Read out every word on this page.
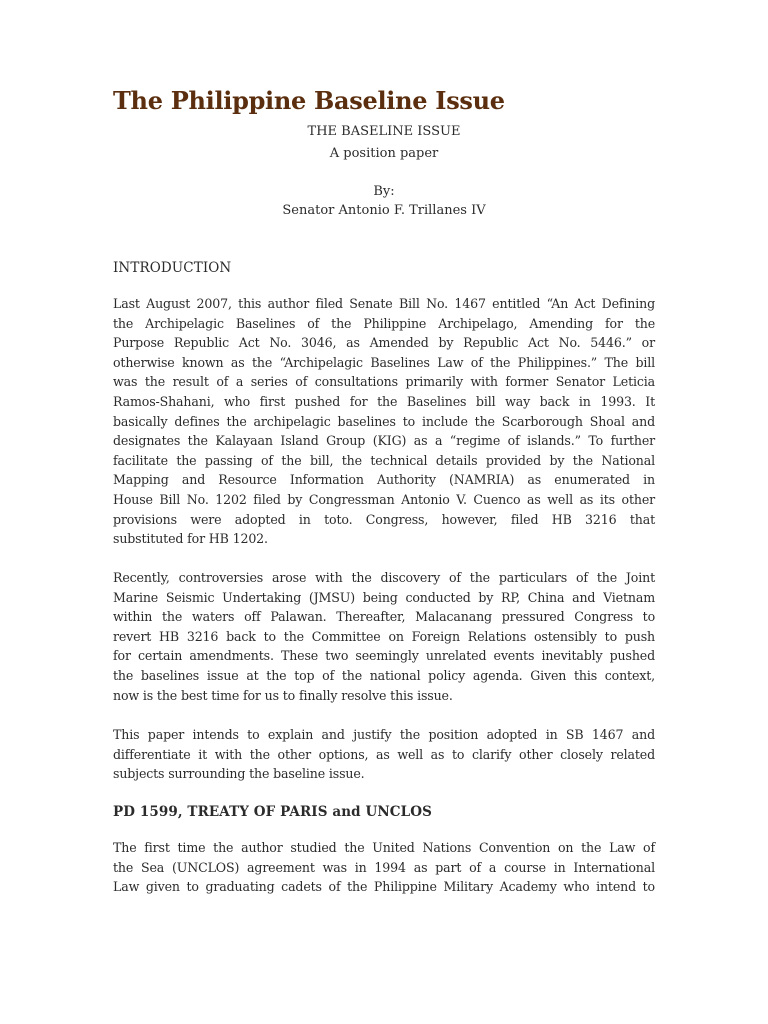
The Philippine Baseline Issue
THE BASELINE ISSUE
A position paper
By:
Senator Antonio F. Trillanes IV
INTRODUCTION
Last August 2007, this author filed Senate Bill No. 1467 entitled “An Act Defining
the Archipelagic Baselines of the Philippine Archipelago, Amending for the
Purpose Republic Act No. 3046, as Amended by Republic Act No. 5446.” or
otherwise known as the “Archipelagic Baselines Law of the Philippines.” The bill
was the result of a series of consultations primarily with former Senator Leticia
Ramos-Shahani, who first pushed for the Baselines bill way back in 1993. It
basically defines the archipelagic baselines to include the Scarborough Shoal and
designates the Kalayaan Island Group (KIG) as a “regime of islands.” To further
facilitate the passing of the bill, the technical details provided by the National
Mapping and Resource Information Authority (NAMRIA) as enumerated in
House Bill No. 1202 filed by Congressman Antonio V. Cuenco as well as its other
provisions were adopted in toto. Congress, however, filed HB 3216 that
substituted for HB 1202.
Recently, controversies arose with the discovery of the particulars of the Joint
Marine Seismic Undertaking (JMSU) being conducted by RP, China and Vietnam
within the waters off Palawan. Thereafter, Malacanang pressured Congress to
revert HB 3216 back to the Committee on Foreign Relations ostensibly to push
for certain amendments. These two seemingly unrelated events inevitably pushed
the baselines issue at the top of the national policy agenda. Given this context,
now is the best time for us to finally resolve this issue.
This paper intends to explain and justify the position adopted in SB 1467 and
differentiate it with the other options, as well as to clarify other closely related
subjects surrounding the baseline issue.
PD 1599, TREATY OF PARIS and UNCLOS
The first time the author studied the United Nations Convention on the Law of
the Sea (UNCLOS) agreement was in 1994 as part of a course in International
Law given to graduating cadets of the Philippine Military Academy who intend to
